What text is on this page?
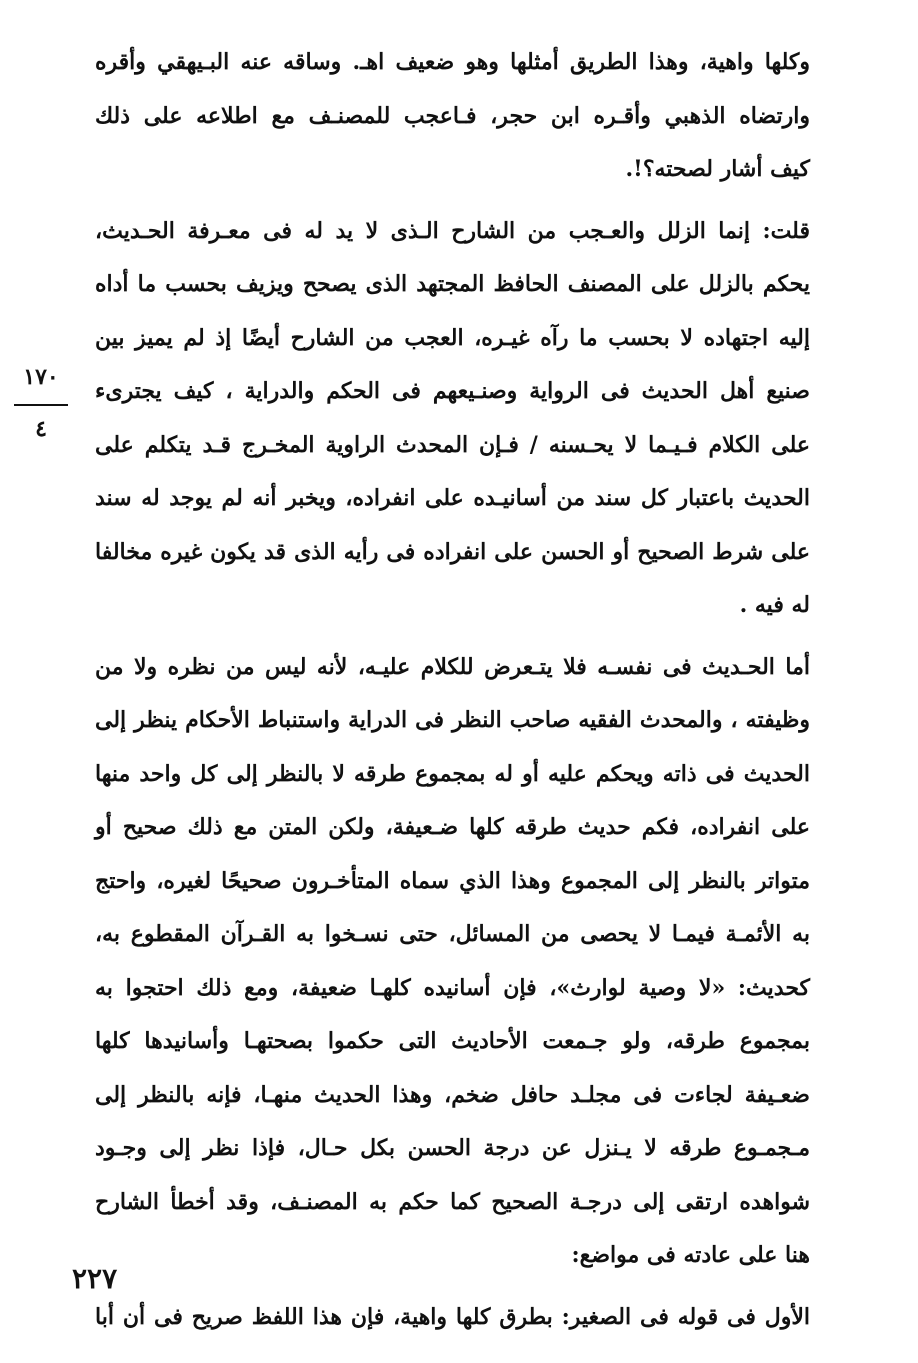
وكلها واهية، وهذا الطريق أمثلها وهو ضعيف اهـ. وساقه عنه البـيهقي وأقره
وارتضاه الذهبي وأقـره ابن حجر، فـاعجب للمصنـف مع اطلاعه على ذلك
كيف أشار لصحته؟!.
قلت: إنما الزلل والعـجب من الشارح الـذى لا يد له فى معـرفة الحـديث،
يحكم بالزلل على المصنف الحافظ المجتهد الذى يصحح ويزيف بحسب ما أداه
إليه اجتهاده لا بحسب ما رآه غيـره، العجب من الشارح أيضًا إذ لم يميز بين
صنيع أهل الحديث فى الرواية وصنـيعهم فى الحكم والدراية ، كيف يجترىء
على الكلام فـيـما لا يحـسنه / فـإن المحدث الراوية المخـرج قـد يتكلم على
الحديث باعتبار كل سند من أسانيـده على انفراده، ويخبر أنه لم يوجد له سند
على شرط الصحيح أو الحسن على انفراده فى رأيه الذى قد يكون غيره مخالفا
له فيه .
أما الحـديث فى نفسـه فلا يتـعرض للكلام عليـه، لأنه ليس من نظره ولا من
وظيفته ، والمحدث الفقيه صاحب النظر فى الدراية واستنباط الأحكام ينظر إلى
الحديث فى ذاته ويحكم عليه أو له بمجموع طرقه لا بالنظر إلى كل واحد منها
على انفراده، فكم حديث طرقه كلها ضـعيفة، ولكن المتن مع ذلك صحيح أو
متواتر بالنظر إلى المجموع وهذا الذي سماه المتأخـرون صحيحًا لغيره، واحتج
به الأئمـة فيمـا لا يحصى من المسائل، حتى نسـخوا به القـرآن المقطوع به،
كحديث: «لا وصية لوارث»، فإن أسانيده كلهـا ضعيفة، ومع ذلك احتجوا به
بمجموع طرقه، ولو جـمعت الأحاديث التى حكموا بصحتهـا وأسانيدها كلها
ضعـيفة لجاءت فى مجلـد حافل ضخم، وهذا الحديث منهـا، فإنه بالنظر إلى
مـجمـوع طرقه لا يـنزل عن درجة الحسن بكل حـال، فإذا نظر إلى وجـود
شواهده ارتقى إلى درجـة الصحيح كما حكم به المصنـف، وقد أخطأ الشارح
هنا على عادته فى مواضع:
الأول فى قوله فى الصغير: بطرق كلها واهية، فإن هذا اللفظ صريح فى أن أبا
١٧٠
٤
٢٢٧
